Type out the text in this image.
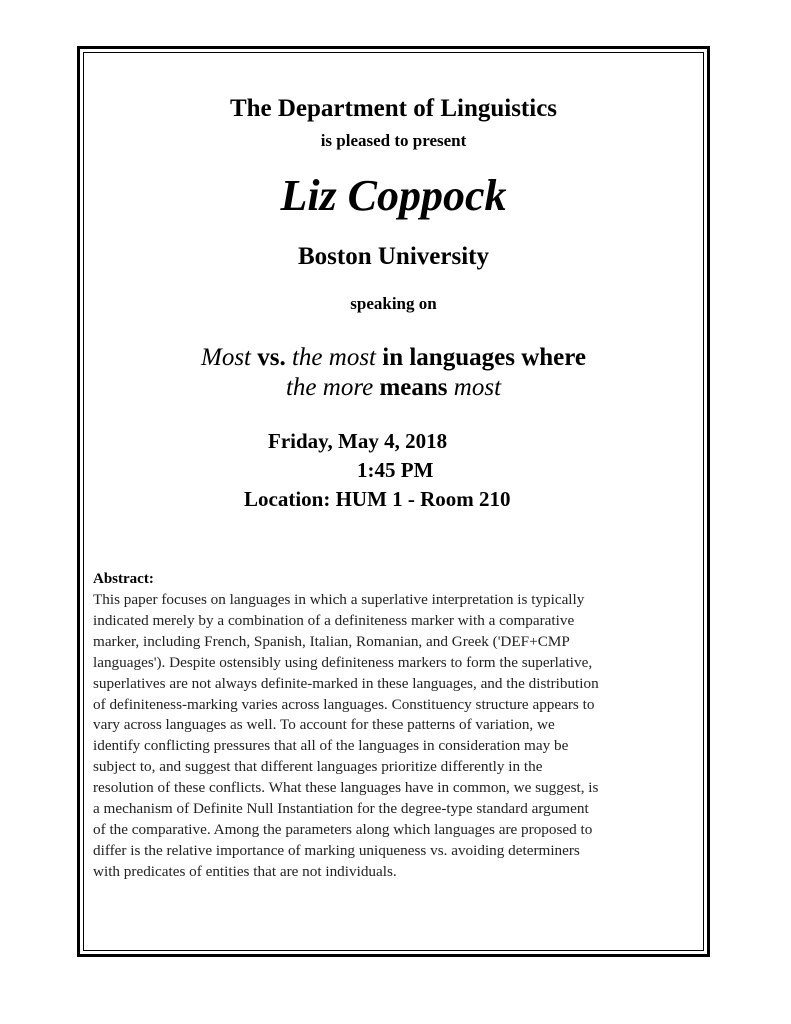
The Department of Linguistics
is pleased to present
Liz Coppock
Boston University
speaking on
Most vs. the most in languages where
the more means most
Friday, May 4, 2018
1:45 PM
Location: HUM 1 - Room 210
Abstract:
This paper focuses on languages in which a superlative interpretation is typically
indicated merely by a combination of a definiteness marker with a comparative
marker, including French, Spanish, Italian, Romanian, and Greek ('DEF+CMP
languages'). Despite ostensibly using definiteness markers to form the superlative,
superlatives are not always definite-marked in these languages, and the distribution
of definiteness-marking varies across languages. Constituency structure appears to
vary across languages as well. To account for these patterns of variation, we
identify conflicting pressures that all of the languages in consideration may be
subject to, and suggest that different languages prioritize differently in the
resolution of these conflicts. What these languages have in common, we suggest, is
a mechanism of Definite Null Instantiation for the degree-type standard argument
of the comparative. Among the parameters along which languages are proposed to
differ is the relative importance of marking uniqueness vs. avoiding determiners
with predicates of entities that are not individuals.
